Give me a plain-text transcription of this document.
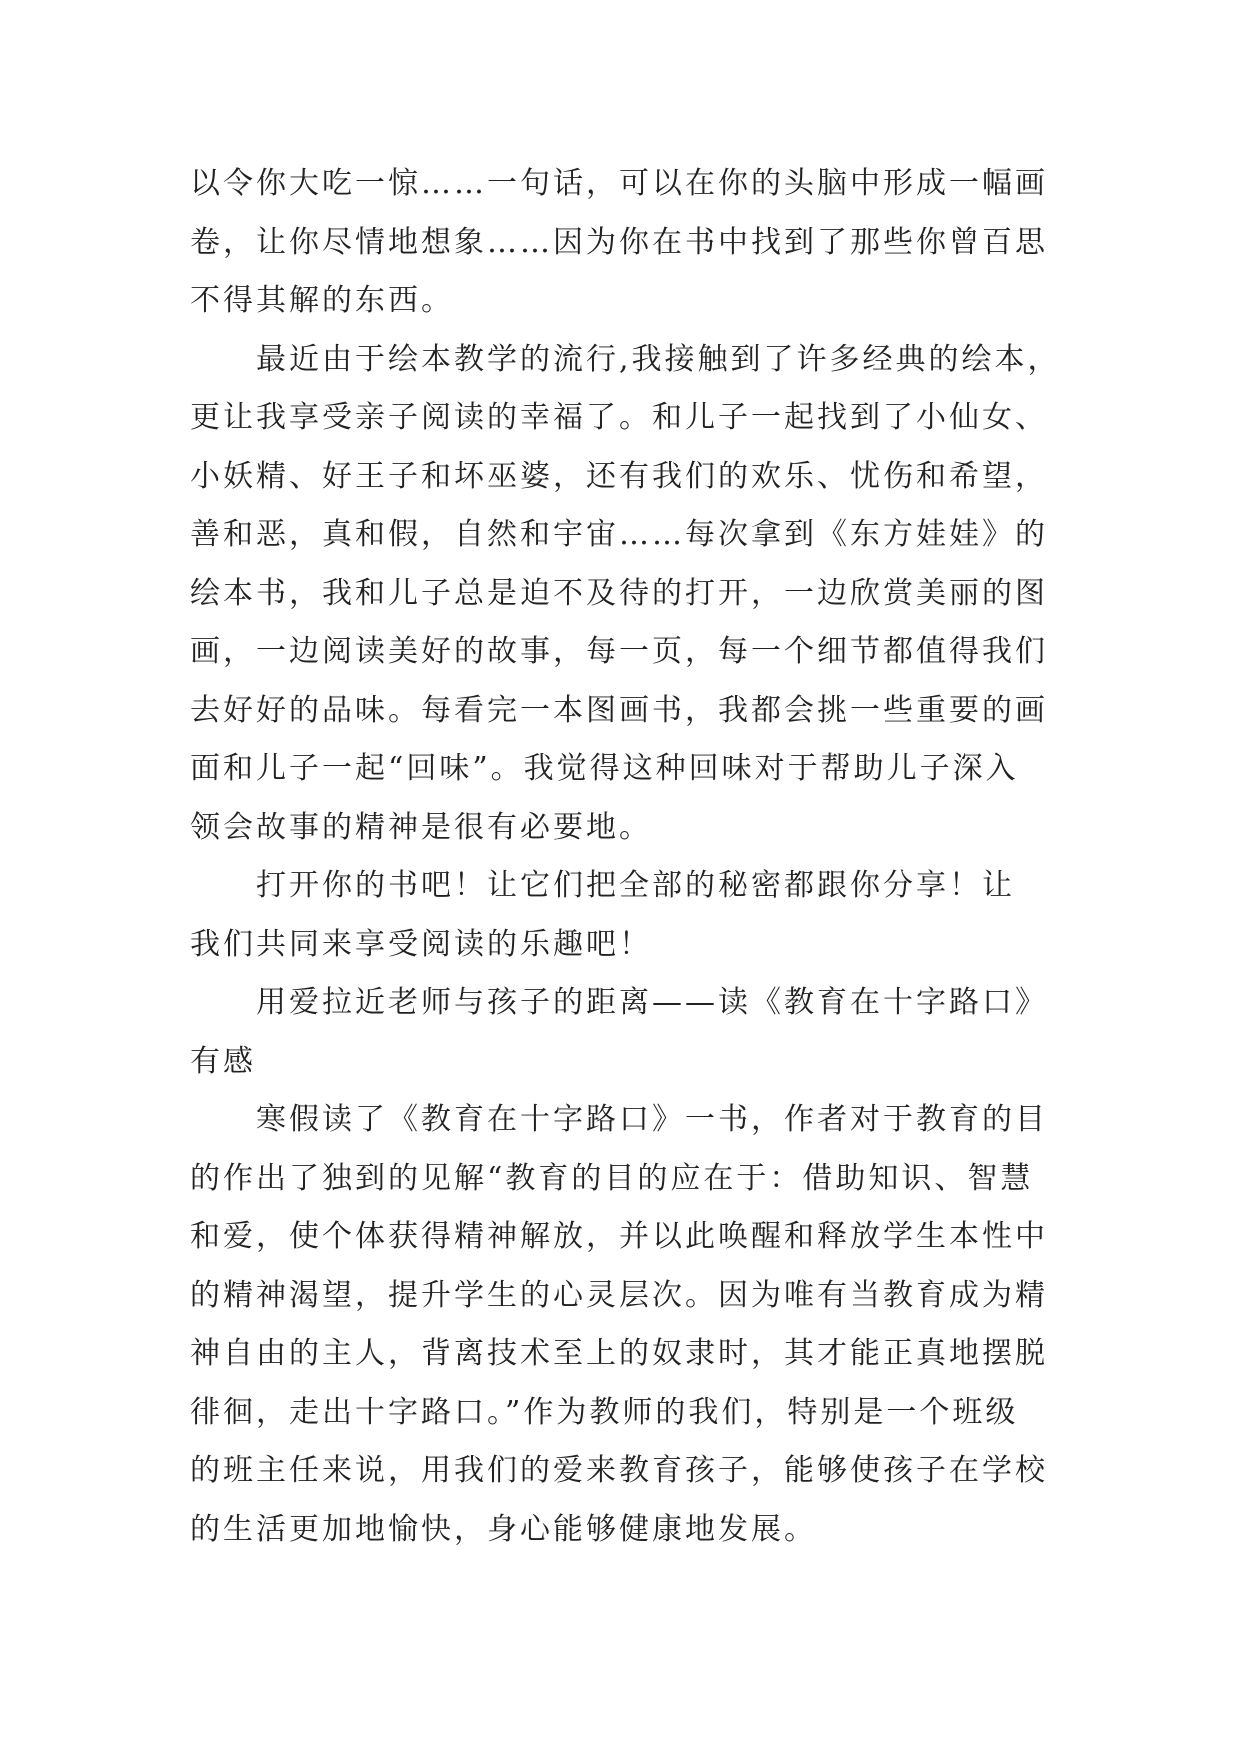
以令你大吃一惊……一句话，可以在你的头脑中形成一幅画
卷，让你尽情地想象……因为你在书中找到了那些你曾百思
不得其解的东西。
　　最近由于绘本教学的流行,我接触到了许多经典的绘本，
更让我享受亲子阅读的幸福了。和儿子一起找到了小仙女、
小妖精、好王子和坏巫婆，还有我们的欢乐、忧伤和希望，
善和恶，真和假，自然和宇宙……每次拿到《东方娃娃》的
绘本书，我和儿子总是迫不及待的打开，一边欣赏美丽的图
画，一边阅读美好的故事，每一页，每一个细节都值得我们
去好好的品味。每看完一本图画书，我都会挑一些重要的画
面和儿子一起“回味”。我觉得这种回味对于帮助儿子深入
领会故事的精神是很有必要地。
　　打开你的书吧！让它们把全部的秘密都跟你分享！让
我们共同来享受阅读的乐趣吧！
　　用爱拉近老师与孩子的距离——读《教育在十字路口》
有感
　　寒假读了《教育在十字路口》一书，作者对于教育的目
的作出了独到的见解“教育的目的应在于：借助知识、智慧
和爱，使个体获得精神解放，并以此唤醒和释放学生本性中
的精神渴望，提升学生的心灵层次。因为唯有当教育成为精
神自由的主人，背离技术至上的奴隶时，其才能正真地摆脱
徘徊，走出十字路口。”作为教师的我们，特别是一个班级
的班主任来说，用我们的爱来教育孩子，能够使孩子在学校
的生活更加地愉快，身心能够健康地发展。
